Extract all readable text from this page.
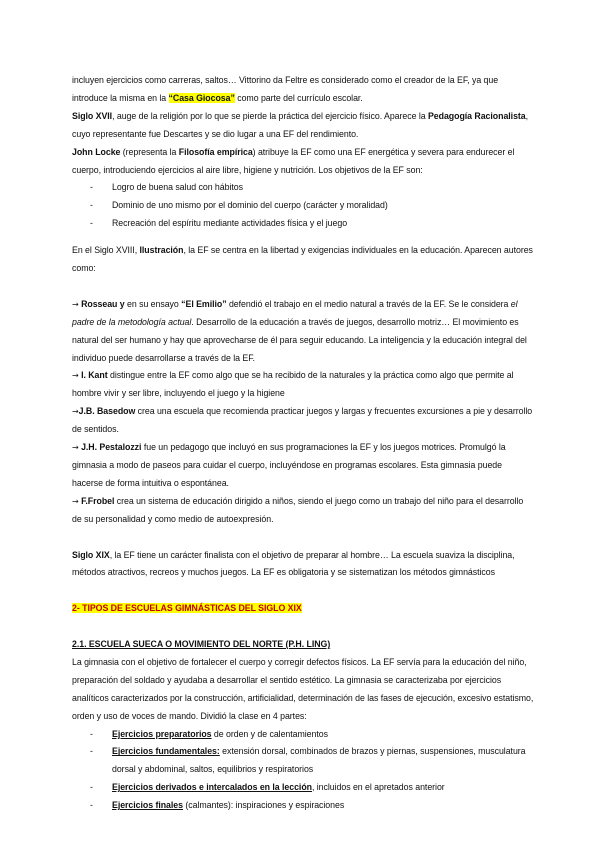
incluyen ejercicios como carreras, saltos… Vittorino da Feltre es considerado como el creador de la EF, ya que introduce la misma en la “Casa Giocosa” como parte del currículo escolar.

Siglo XVII, auge de la religión por lo que se pierde la práctica del ejercicio físico. Aparece la Pedagogía Racionalista, cuyo representante fue Descartes y se dio lugar a una EF del rendimiento.

John Locke (representa la Filosofía empírica) atribuye la EF como una EF energética y severa para endurecer el cuerpo, introduciendo ejercicios al aire libre, higiene y nutrición. Los objetivos de la EF son:

- Logro de buena salud con hábitos
- Dominio de uno mismo por el dominio del cuerpo (carácter y moralidad)
- Recreación del espíritu mediante actividades física y el juego

En el Siglo XVIII, Ilustración, la EF se centra en la libertad y exigencias individuales en la educación. Aparecen autores como:

→ Rosseau y en su ensayo “El Emilio” defendió el trabajo en el medio natural a través de la EF. Se le considera el padre de la metodología actual. Desarrollo de la educación a través de juegos, desarrollo motriz… El movimiento es natural del ser humano y hay que aprovecharse de él para seguir educando. La inteligencia y la educación integral del individuo puede desarrollarse a través de la EF.

→ I. Kant distingue entre la EF como algo que se ha recibido de la naturales y la práctica como algo que permite al hombre vivir y ser libre, incluyendo el juego y la higiene

→J.B. Basedow crea una escuela que recomienda practicar juegos y largas y frecuentes excursiones a pie y desarrollo de sentidos.

→ J.H. Pestalozzi fue un pedagogo que incluyó en sus programaciones la EF y los juegos motrices. Promulgó la gimnasia a modo de paseos para cuidar el cuerpo, incluyéndose en programas escolares. Esta gimnasia puede hacerse de forma intuitiva o espontánea.

→ F.Frobel crea un sistema de educación dirigido a niños, siendo el juego como un trabajo del niño para el desarrollo de su personalidad y como medio de autoexpresión.

Siglo XIX, la EF tiene un carácter finalista con el objetivo de preparar al hombre… La escuela suaviza la disciplina, métodos atractivos, recreos y muchos juegos. La EF es obligatoria y se sistematizan los métodos gimnásticos

2- TIPOS DE ESCUELAS GIMNÁSTICAS DEL SIGLO XIX

2.1. ESCUELA SUECA O MOVIMIENTO DEL NORTE (P.H. LING)

La gimnasia con el objetivo de fortalecer el cuerpo y corregir defectos físicos. La EF servía para la educación del niño, preparación del soldado y ayudaba a desarrollar el sentido estético. La gimnasia se caracterizaba por ejercicios analíticos caracterizados por la construcción, artificialidad, determinación de las fases de ejecución, excesivo estatismo, orden y uso de voces de mando. Dividió la clase en 4 partes:

- Ejercicios preparatorios de orden y de calentamientos
- Ejercicios fundamentales: extensión dorsal, combinados de brazos y piernas, suspensiones, musculatura dorsal y abdominal, saltos, equilibrios y respiratorios
- Ejercicios derivados e intercalados en la lección, incluidos en el apretados anterior
- Ejercicios finales (calmantes): inspiraciones y espiraciones
